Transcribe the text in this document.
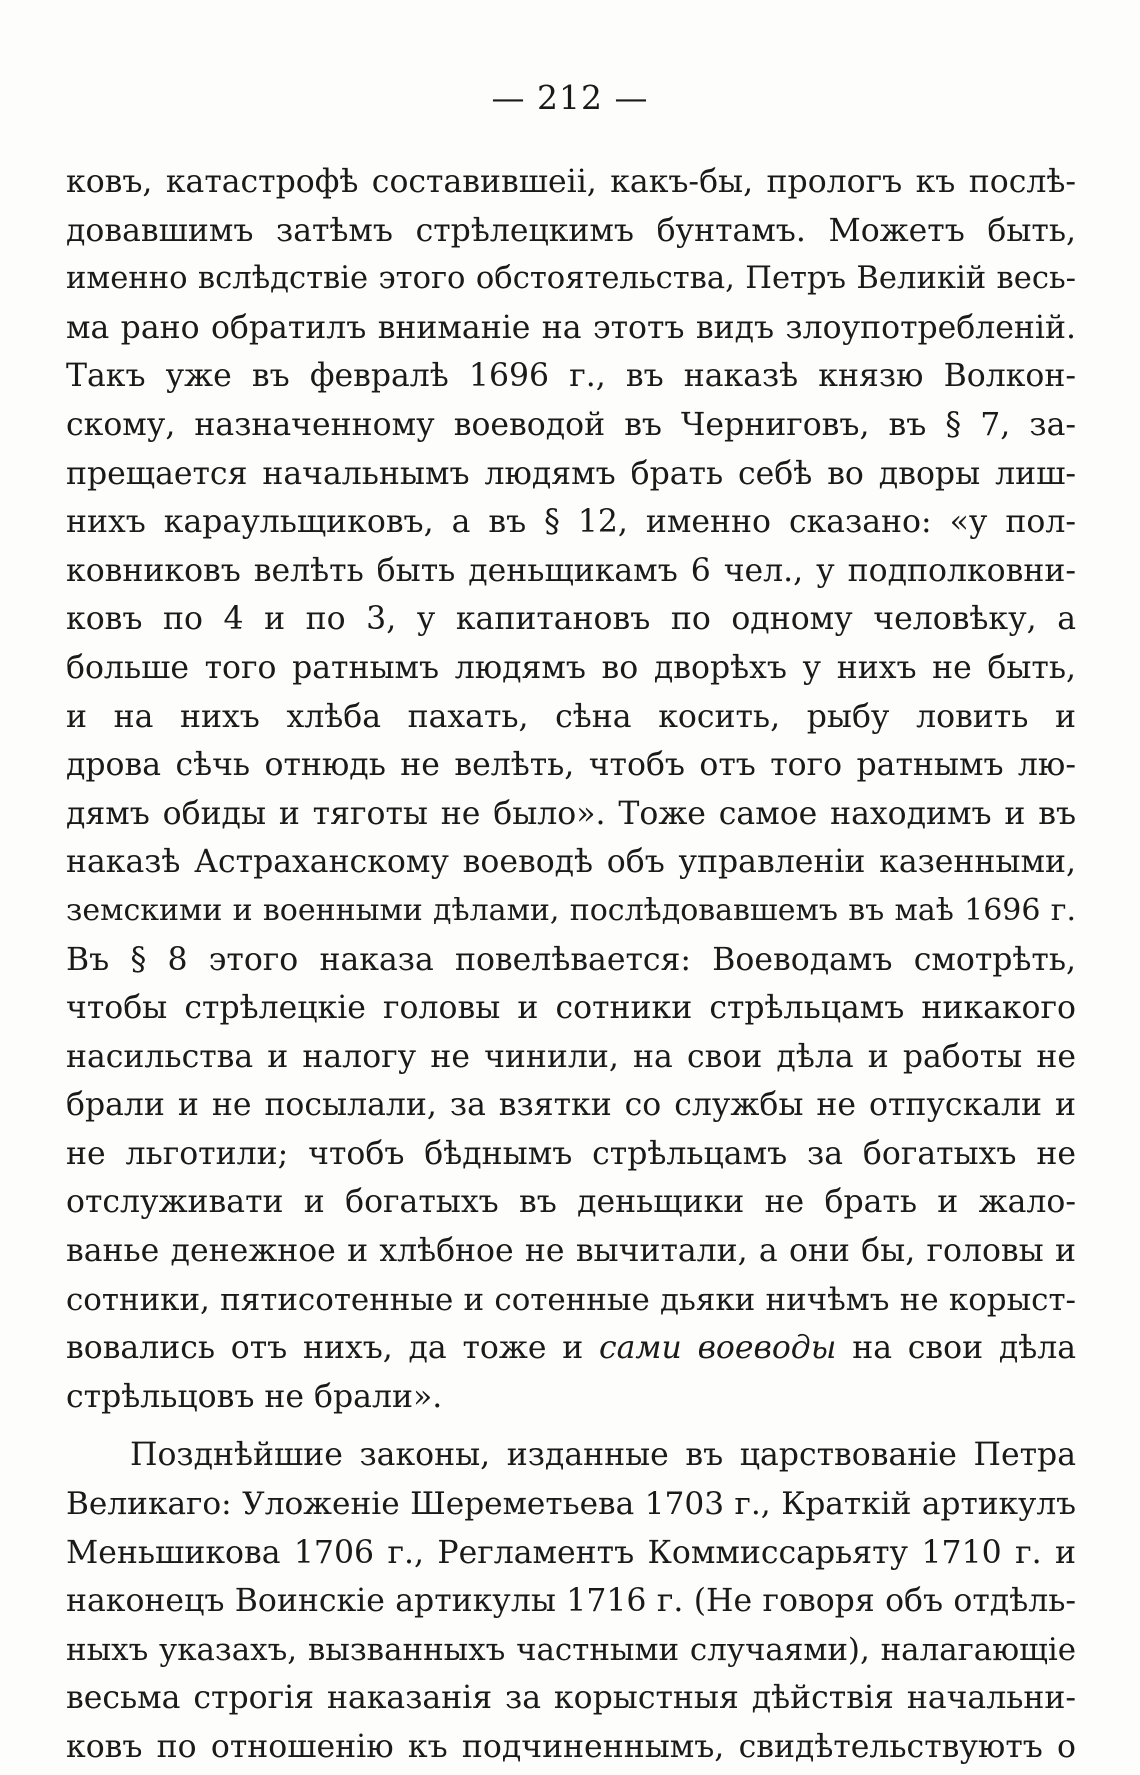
— 212 —
ковъ, катастрофѣ составившеii, какъ-бы, прологъ къ послѣ-
довавшимъ затѣмъ стрѣлецкимъ бунтамъ. Можетъ быть,
именно вслѣдствіе этого обстоятельства, Петръ Великій весь-
ма рано обратилъ вниманіе на этотъ видъ злоупотребленій.
Такъ уже въ февралѣ 1696 г., въ наказѣ князю Волкон-
скому, назначенному воеводой въ Черниговъ, въ § 7, за-
прещается начальнымъ людямъ брать себѣ во дворы лиш-
нихъ караульщиковъ, а въ § 12, именно сказано: «у пол-
ковниковъ велѣть быть деньщикамъ 6 чел., у подполковни-
ковъ по 4 и по 3, у капитановъ по одному человѣку, а
больше того ратнымъ людямъ во дворѣхъ у нихъ не быть,
и на нихъ хлѣба пахать, сѣна косить, рыбу ловить и
дрова сѣчь отнюдь не велѣть, чтобъ отъ того ратнымъ лю-
дямъ обиды и тяготы не было». Тоже самое находимъ и въ
наказѣ Астраханскому воеводѣ объ управленіи казенными,
земскими и военными дѣлами, послѣдовавшемъ въ маѣ 1696 г.
Въ § 8 этого наказа повелѣвается: Воеводамъ смотрѣть,
чтобы стрѣлецкіе головы и сотники стрѣльцамъ никакого
насильства и налогу не чинили, на свои дѣла и работы не
брали и не посылали, за взятки со службы не отпускали и
не льготили; чтобъ бѣднымъ стрѣльцамъ за богатыхъ не
отслуживати и богатыхъ въ деньщики не брать и жало-
ванье денежное и хлѣбное не вычитали, а они бы, головы и
сотники, пятисотенные и сотенные дьяки ничѣмъ не корыст-
вовались отъ нихъ, да тоже и сами воеводы на свои дѣла
стрѣльцовъ не брали».
Позднѣйшие законы, изданные въ царствованіе Петра
Великаго: Уложеніе Шереметьева 1703 г., Краткій артикулъ
Меньшикова 1706 г., Регламентъ Коммиссарьяту 1710 г. и
наконецъ Воинскіе артикулы 1716 г. (Не говоря объ отдѣль-
ныхъ указахъ, вызванныхъ частными случаями), налагающіе
весьма строгія наказанія за корыстныя дѣйствія начальни-
ковъ по отношенію къ подчиненнымъ, свидѣтельствуютъ о
